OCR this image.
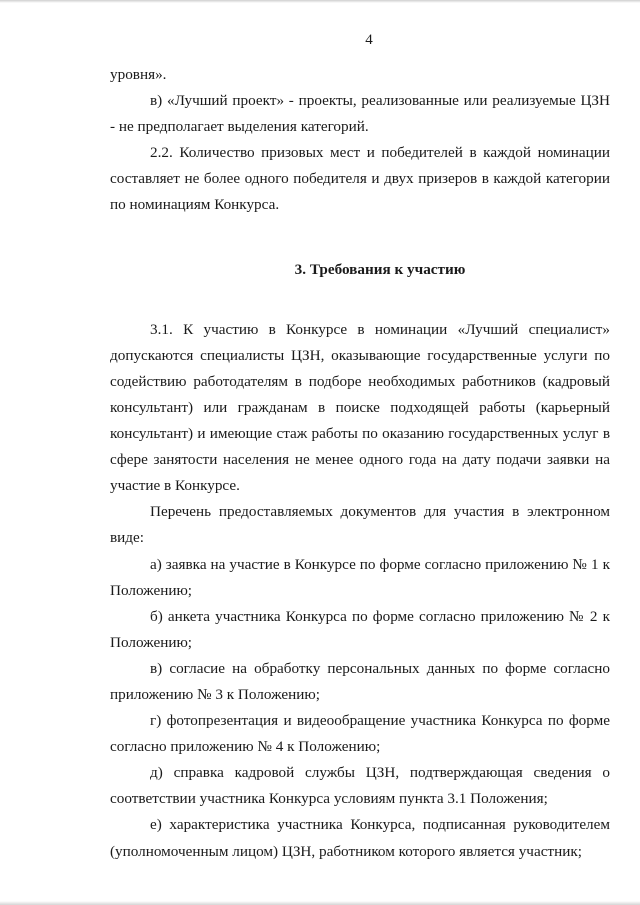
4

уровня».

в) «Лучший проект» - проекты, реализованные или реализуемые ЦЗН - не предполагает выделения категорий.

2.2. Количество призовых мест и победителей в каждой номинации составляет не более одного победителя и двух призеров в каждой категории по номинациям Конкурса.

3. Требования к участию

3.1. К участию в Конкурсе в номинации «Лучший специалист» допускаются специалисты ЦЗН, оказывающие государственные услуги по содействию работодателям в подборе необходимых работников (кадровый консультант) или гражданам в поиске подходящей работы (карьерный консультант) и имеющие стаж работы по оказанию государственных услуг в сфере занятости населения не менее одного года на дату подачи заявки на участие в Конкурсе.

Перечень предоставляемых документов для участия в электронном виде:

а) заявка на участие в Конкурсе по форме согласно приложению № 1 к Положению;

б) анкета участника Конкурса по форме согласно приложению № 2 к Положению;

в) согласие на обработку персональных данных по форме согласно приложению № 3 к Положению;

г) фотопрезентация и видеообращение участника Конкурса по форме согласно приложению № 4 к Положению;

д) справка кадровой службы ЦЗН, подтверждающая сведения о соответствии участника Конкурса условиям пункта 3.1 Положения;

е) характеристика участника Конкурса, подписанная руководителем (уполномоченным лицом) ЦЗН, работником которого является участник;
